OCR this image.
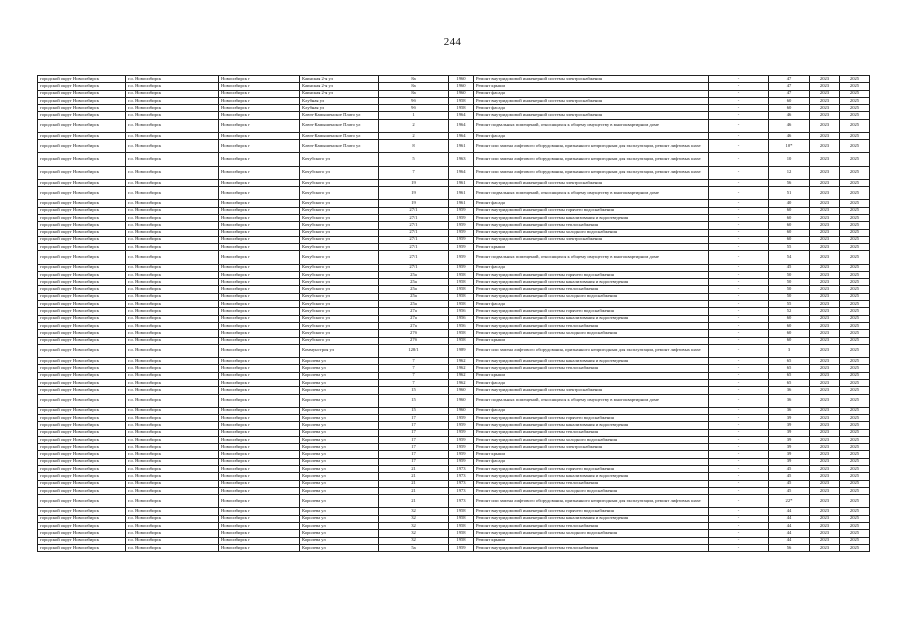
244
городской округ Новосибирск	г.о. Новосибирск	Новосибирск г	Каинская 2-я ул	8а	1960	Ремонт внутридомовой инженерной системы электроснабжения	-	47	2023	2025
городской округ Новосибирск	г.о. Новосибирск	Новосибирск г	Каинская 2-я ул	8а	1960	Ремонт крыши	-	47	2023	2025
городской округ Новосибирск	г.о. Новосибирск	Новосибирск г	Каинская 2-я ул	8а	1960	Ремонт фасада	-	47	2023	2025
городской округ Новосибирск	г.о. Новосибирск	Новосибирск г	Клубная ул	9б	1958	Ремонт внутридомовой инженерной системы электроснабжения	-	60	2023	2025
городской округ Новосибирск	г.о. Новосибирск	Новосибирск г	Клубная ул	9б	1958	Ремонт фасада	-	60	2023	2025
городской округ Новосибирск	г.о. Новосибирск	Новосибирск г	Ключ-Камышенское Плато ул	1	1964	Ремонт внутридомовой инженерной системы электроснабжения	-	46	2023	2025
городской округ Новосибирск	г.о. Новосибирск	Новосибирск г	Ключ-Камышенское Плато ул	2	1964	Ремонт подвальных помещений, относящихся к общему имуществу в многоквартирном доме	-	46	2023	2025
городской округ Новосибирск	г.о. Новосибирск	Новосибирск г	Ключ-Камышенское Плато ул	2	1964	Ремонт фасада	-	46	2023	2025
городской округ Новосибирск	г.о. Новосибирск	Новосибирск г	Ключ-Камышенское Плато ул	8	1961	Ремонт или замена лифтового оборудования, признанного непригодным для эксплуатации, ремонт лифтовых шахт	-	10*	2023	2025
городской округ Новосибирск	г.о. Новосибирск	Новосибирск г	Кочубского ул	5	1963	Ремонт или замена лифтового оборудования, признанного непригодным для эксплуатации, ремонт лифтовых шахт	-	10	2023	2025
городской округ Новосибирск	г.о. Новосибирск	Новосибирск г	Кочубского ул	7	1964	Ремонт или замена лифтового оборудования, признанного непригодным для эксплуатации, ремонт лифтовых шахт	-	12	2023	2025
городской округ Новосибирск	г.о. Новосибирск	Новосибирск г	Кочубского ул	19	1961	Ремонт внутридомовой инженерной системы электроснабжения	-	56	2023	2025
городской округ Новосибирск	г.о. Новосибирск	Новосибирск г	Кочубского ул	19	1961	Ремонт подвальных помещений, относящихся к общему имуществу в многоквартирном доме	-	51	2023	2025
городской округ Новосибирск	г.о. Новосибирск	Новосибирск г	Кочубского ул	19	1961	Ремонт фасада	-	40	2023	2025
городской округ Новосибирск	г.о. Новосибирск	Новосибирск г	Кочубского ул	27/1	1959	Ремонт внутридомовой инженерной системы горячего водоснабжения	-	60	2023	2025
городской округ Новосибирск	г.о. Новосибирск	Новосибирск г	Кочубского ул	27/1	1959	Ремонт внутридомовой инженерной системы канализования и водоотведения	-	60	2023	2025
городской округ Новосибирск	г.о. Новосибирск	Новосибирск г	Кочубского ул	27/1	1959	Ремонт внутридомовой инженерной системы теплоснабжения	-	60	2023	2025
городской округ Новосибирск	г.о. Новосибирск	Новосибирск г	Кочубского ул	27/1	1959	Ремонт внутридомовой инженерной системы холодного водоснабжения	-	60	2023	2025
городской округ Новосибирск	г.о. Новосибирск	Новосибирск г	Кочубского ул	27/1	1959	Ремонт внутридомовой инженерной системы электроснабжения	-	60	2023	2025
городской округ Новосибирск	г.о. Новосибирск	Новосибирск г	Кочубского ул	27/1	1959	Ремонт крыши	-	55	2023	2025
городской округ Новосибирск	г.о. Новосибирск	Новосибирск г	Кочубского ул	27/1	1959	Ремонт подвальных помещений, относящихся к общему имуществу в многоквартирном доме	-	54	2023	2025
городской округ Новосибирск	г.о. Новосибирск	Новосибирск г	Кочубского ул	27/1	1959	Ремонт фасада	-	45	2023	2025
городской округ Новосибирск	г.о. Новосибирск	Новосибирск г	Кочубского ул	25а	1958	Ремонт внутридомовой инженерной системы горячего водоснабжения	-	50	2023	2025
городской округ Новосибирск	г.о. Новосибирск	Новосибирск г	Кочубского ул	25а	1958	Ремонт внутридомовой инженерной системы канализования и водоотведения	-	50	2023	2025
городской округ Новосибирск	г.о. Новосибирск	Новосибирск г	Кочубского ул	25а	1958	Ремонт внутридомовой инженерной системы теплоснабжения	-	50	2023	2025
городской округ Новосибирск	г.о. Новосибирск	Новосибирск г	Кочубского ул	25а	1958	Ремонт внутридомовой инженерной системы холодного водоснабжения	-	50	2023	2025
городской округ Новосибирск	г.о. Новосибирск	Новосибирск г	Кочубского ул	25а	1958	Ремонт фасада	-	55	2023	2025
городской округ Новосибирск	г.о. Новосибирск	Новосибирск г	Кочубского ул	27а	1956	Ремонт внутридомовой инженерной системы горячего водоснабжения	-	52	2023	2025
городской округ Новосибирск	г.о. Новосибирск	Новосибирск г	Кочубского ул	27а	1956	Ремонт внутридомовой инженерной системы канализования и водоотведения	-	60	2023	2025
городской округ Новосибирск	г.о. Новосибирск	Новосибирск г	Кочубского ул	27а	1956	Ремонт внутридомовой инженерной системы теплоснабжения	-	60	2023	2025
городской округ Новосибирск	г.о. Новосибирск	Новосибирск г	Кочубского ул	27б	1958	Ремонт внутридомовой инженерной системы холодного водоснабжения	-	60	2023	2025
городской округ Новосибирск	г.о. Новосибирск	Новосибирск г	Кочубского ул	27б	1958	Ремонт крыши	-	60	2023	2025
городской округ Новосибирск	г.о. Новосибирск	Новосибирск г	Коммунстроя ул	128/1	1989	Ремонт или замена лифтового оборудования, признанного непригодным для эксплуатации, ремонт лифтовых шахт	-	3	2023	2025
городской округ Новосибирск	г.о. Новосибирск	Новосибирск г	Королева ул	7	1962	Ремонт внутридомовой инженерной системы канализования и водоотведения	-	65	2023	2025
городской округ Новосибирск	г.о. Новосибирск	Новосибирск г	Королева ул	7	1962	Ремонт внутридомовой инженерной системы теплоснабжения	-	65	2023	2025
городской округ Новосибирск	г.о. Новосибирск	Новосибирск г	Королева ул	7	1962	Ремонт крыши	-	65	2023	2025
городской округ Новосибирск	г.о. Новосибирск	Новосибирск г	Королева ул	7	1962	Ремонт фасада	-	65	2023	2025
городской округ Новосибирск	г.о. Новосибирск	Новосибирск г	Королева ул	15	1960	Ремонт внутридомовой инженерной системы электроснабжения	-	36	2023	2025
городской округ Новосибирск	г.о. Новосибирск	Новосибирск г	Королева ул	15	1960	Ремонт подвальных помещений, относящихся к общему имуществу в многоквартирном доме	-	36	2023	2025
городской округ Новосибирск	г.о. Новосибирск	Новосибирск г	Королева ул	15	1960	Ремонт фасада	-	36	2023	2025
городской округ Новосибирск	г.о. Новосибирск	Новосибирск г	Королева ул	17	1959	Ремонт внутридомовой инженерной системы горячего водоснабжения	-	39	2023	2025
городской округ Новосибирск	г.о. Новосибирск	Новосибирск г	Королева ул	17	1959	Ремонт внутридомовой инженерной системы канализования и водоотведения	-	39	2023	2025
городской округ Новосибирск	г.о. Новосибирск	Новосибирск г	Королева ул	17	1959	Ремонт внутридомовой инженерной системы теплоснабжения	-	39	2023	2025
городской округ Новосибирск	г.о. Новосибирск	Новосибирск г	Королева ул	17	1959	Ремонт внутридомовой инженерной системы холодного водоснабжения	-	39	2023	2025
городской округ Новосибирск	г.о. Новосибирск	Новосибирск г	Королева ул	17	1959	Ремонт внутридомовой инженерной системы электроснабжения	-	39	2023	2025
городской округ Новосибирск	г.о. Новосибирск	Новосибирск г	Королева ул	17	1959	Ремонт крыши	-	39	2023	2025
городской округ Новосибирск	г.о. Новосибирск	Новосибирск г	Королева ул	17	1959	Ремонт фасада	-	39	2023	2025
городской округ Новосибирск	г.о. Новосибирск	Новосибирск г	Королева ул	21	1973	Ремонт внутридомовой инженерной системы горячего водоснабжения	-	45	2023	2025
городской округ Новосибирск	г.о. Новосибирск	Новосибирск г	Королева ул	21	1973	Ремонт внутридомовой инженерной системы канализования и водоотведения	-	45	2023	2025
городской округ Новосибирск	г.о. Новосибирск	Новосибирск г	Королева ул	21	1973	Ремонт внутридомовой инженерной системы теплоснабжения	-	45	2023	2025
городской округ Новосибирск	г.о. Новосибирск	Новосибирск г	Королева ул	21	1973	Ремонт внутридомовой инженерной системы холодного водоснабжения	-	45	2023	2025
городской округ Новосибирск	г.о. Новосибирск	Новосибирск г	Королева ул	21	1973	Ремонт или замена лифтового оборудования, признанного непригодным для эксплуатации, ремонт лифтовых шахт	-	22*	2023	2025
городской округ Новосибирск	г.о. Новосибирск	Новосибирск г	Королева ул	32	1958	Ремонт внутридомовой инженерной системы горячего водоснабжения	-	44	2023	2025
городской округ Новосибирск	г.о. Новосибирск	Новосибирск г	Королева ул	32	1958	Ремонт внутридомовой инженерной системы канализования и водоотведения	-	44	2023	2025
городской округ Новосибирск	г.о. Новосибирск	Новосибирск г	Королева ул	32	1958	Ремонт внутридомовой инженерной системы теплоснабжения	-	44	2023	2025
городской округ Новосибирск	г.о. Новосибирск	Новосибирск г	Королева ул	32	1958	Ремонт внутридомовой инженерной системы холодного водоснабжения	-	44	2023	2025
городской округ Новосибирск	г.о. Новосибирск	Новосибирск г	Королева ул	32	1958	Ремонт крыши	-	44	2023	2025
городской округ Новосибирск	г.о. Новосибирск	Новосибирск г	Королева ул	5а	1959	Ремонт внутридомовой инженерной системы теплоснабжения	-	56	2023	2025
